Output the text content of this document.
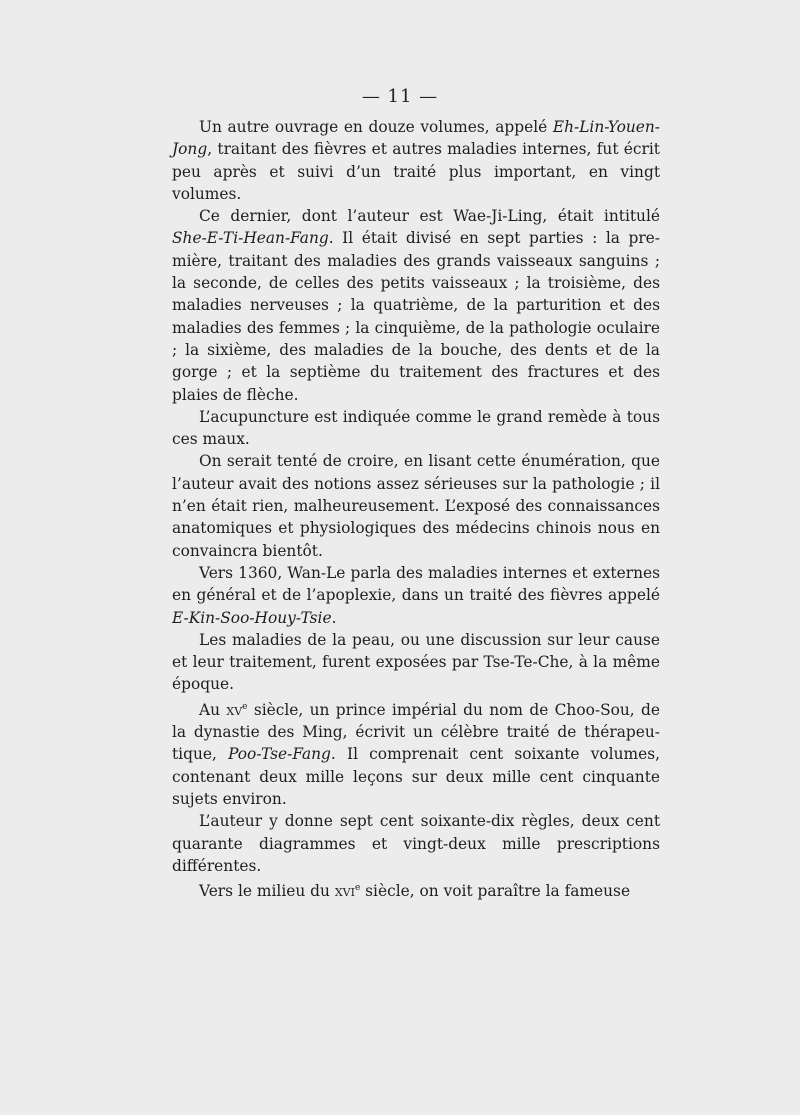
— 11 —

Un autre ouvrage en douze volumes, appelé Eh-Lin-Youen-Jong, traitant des fièvres et autres maladies internes, fut écrit peu après et suivi d’un traité plus important, en vingt volumes.

Ce dernier, dont l’auteur est Wae-Ji-Ling, était intitulé She-E-Ti-Hean-Fang. Il était divisé en sept parties : la première, traitant des maladies des grands vaisseaux sanguins ; la seconde, de celles des petits vaisseaux ; la troisième, des maladies nerveuses ; la quatrième, de la parturition et des maladies des femmes ; la cinquième, de la pathologie oculaire ; la sixième, des maladies de la bouche, des dents et de la gorge ; et la septième du traitement des fractures et des plaies de flèche.

L’acupuncture est indiquée comme le grand remède à tous ces maux.

On serait tenté de croire, en lisant cette énumération, que l’auteur avait des notions assez sérieuses sur la pathologie ; il n’en était rien, malheureusement. L’exposé des connaissances anatomiques et physiologiques des médecins chinois nous en convaincra bientôt.

Vers 1360, Wan-Le parla des maladies internes et externes en général et de l’apoplexie, dans un traité des fièvres appelé E-Kin-Soo-Houy-Tsie.

Les maladies de la peau, ou une discussion sur leur cause et leur traitement, furent exposées par Tse-Te-Che, à la même époque.

Au $xv^e$ siècle, un prince impérial du nom de Choo-Sou, de la dynastie des Ming, écrivit un célèbre traité de thérapeutique, Poo-Tse-Fang. Il comprenait cent soixante volumes, contenant deux mille leçons sur deux mille cent cinquante sujets environ.

L’auteur y donne sept cent soixante-dix règles, deux cent quarante diagrammes et vingt-deux mille prescriptions différentes.

Vers le milieu du xvi$^e$ siècle, on voit paraître la fameuse
